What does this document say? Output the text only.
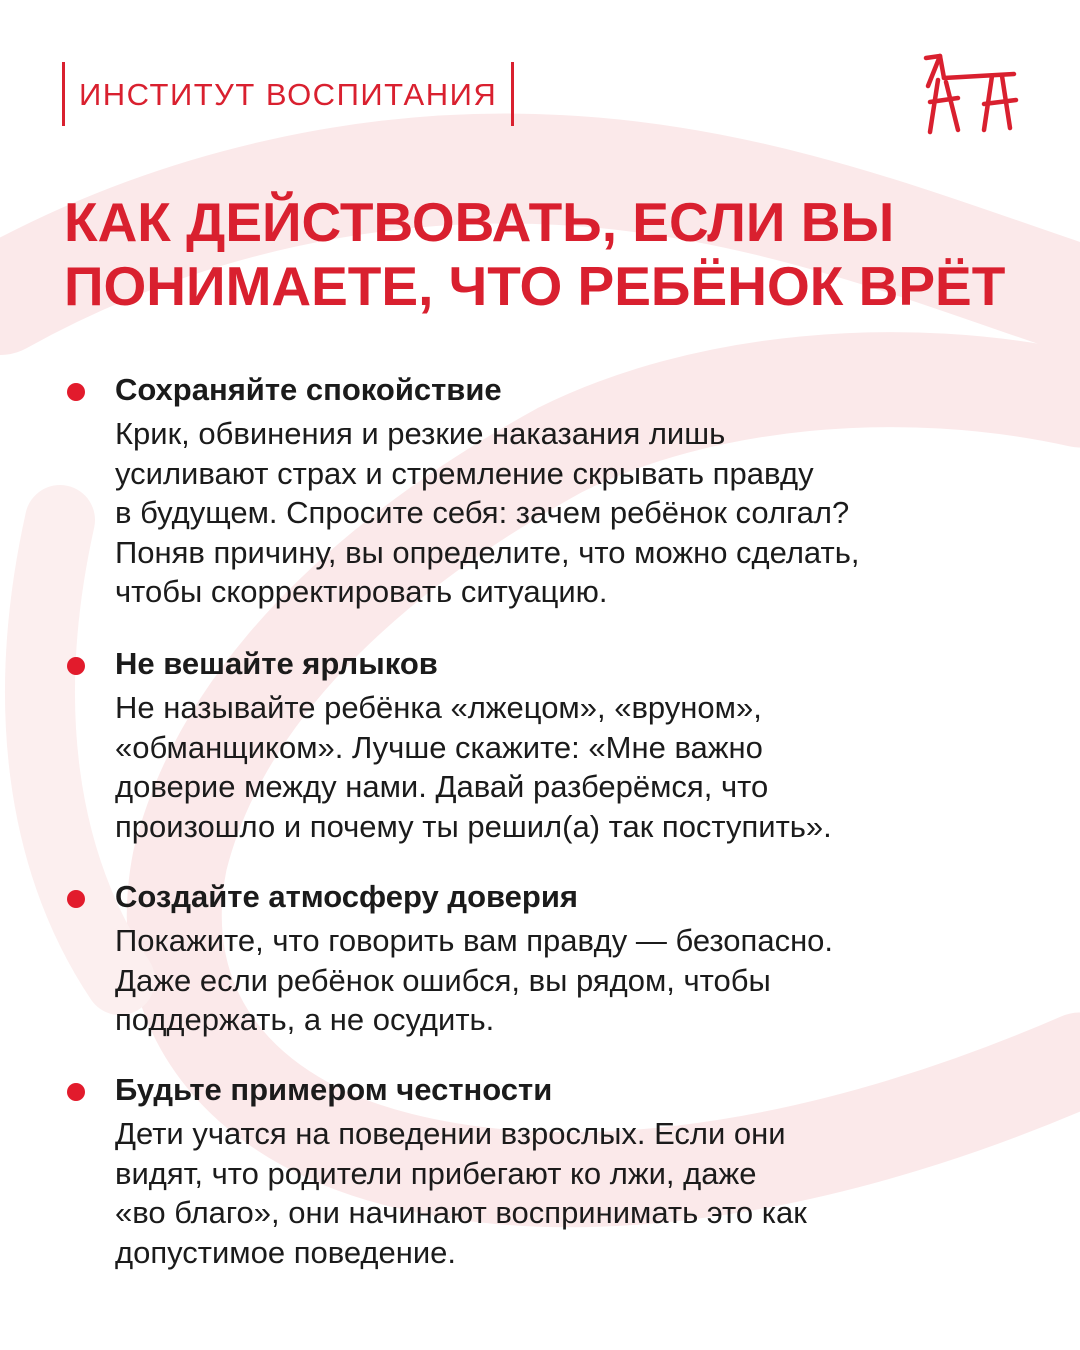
ИНСТИТУТ ВОСПИТАНИЯ
КАК ДЕЙСТВОВАТЬ, ЕСЛИ ВЫ
ПОНИМАЕТЕ, ЧТО РЕБЁНОК ВРЁТ
Сохраняйте спокойствие

Крик, обвинения и резкие наказания лишь
усиливают страх и стремление скрывать правду
в будущем. Спросите себя: зачем ребёнок солгал?
Поняв причину, вы определите, что можно сделать,
чтобы скорректировать ситуацию.

Не вешайте ярлыков

Не называйте ребёнка «лжецом», «вруном»,
«обманщиком». Лучше скажите: «Мне важно
доверие между нами. Давай разберёмся, что
произошло и почему ты решил(а) так поступить».

Создайте атмосферу доверия

Покажите, что говорить вам правду — безопасно.
Даже если ребёнок ошибся, вы рядом, чтобы
поддержать, а не осудить.

Будьте примером честности

Дети учатся на поведении взрослых. Если они
видят, что родители прибегают ко лжи, даже
«во благо», они начинают воспринимать это как
допустимое поведение.
